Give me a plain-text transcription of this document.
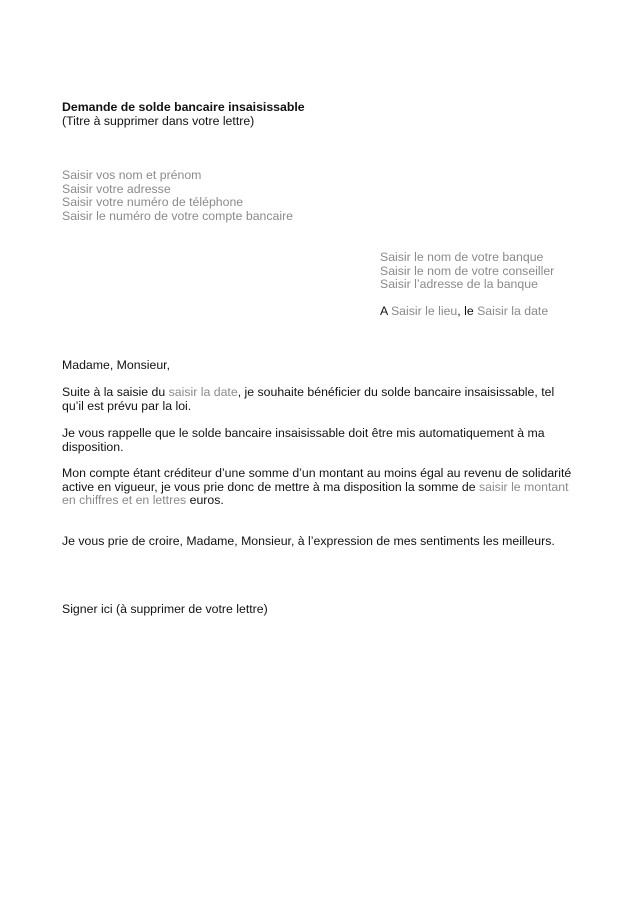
Demande de solde bancaire insaisissable
(Titre à supprimer dans votre lettre)
Saisir vos nom et prénom
Saisir votre adresse
Saisir votre numéro de téléphone
Saisir le numéro de votre compte bancaire
Saisir le nom de votre banque
Saisir le nom de votre conseiller
Saisir l’adresse de la banque
A Saisir le lieu, le Saisir la date
Madame, Monsieur,
Suite à la saisie du saisir la date, je souhaite bénéficier du solde bancaire insaisissable, tel qu’il est prévu par la loi.
Je vous rappelle que le solde bancaire insaisissable doit être mis automatiquement à ma disposition.
Mon compte étant créditeur d’une somme d’un montant au moins égal au revenu de solidarité active en vigueur, je vous prie donc de mettre à ma disposition la somme de saisir le montant en chiffres et en lettres euros.
Je vous prie de croire, Madame, Monsieur, à l’expression de mes sentiments les meilleurs.
Signer ici (à supprimer de votre lettre)
